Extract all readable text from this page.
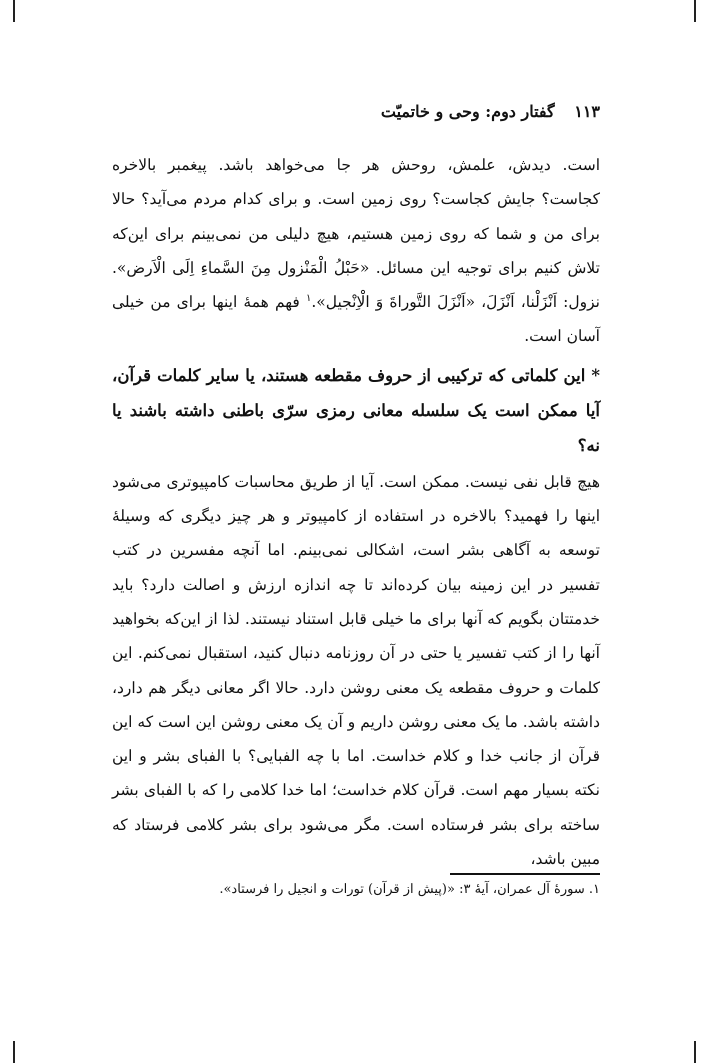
۱۱۳ گفتار دوم: وحی و خاتمیّت

است. دیدش، علمش، روحش هر جا می‌خواهد باشد. پیغمبر بالاخره کجاست؟ جایش کجاست؟ روی زمین است. و برای کدام مردم می‌آید؟ حالا برای من و شما که روی زمین هستیم، هیچ دلیلی من نمی‌بینم برای این‌که تلاش کنیم برای توجیه این مسائل. «حَبْلُ الْمَنْزول مِنَ السَّماءِ اِلَی الْاَرض». نزول: اَنْزَلْنا، اَنْزَلَ، «اَنْزَلَ التَّوراةَ وَ الْاِنْجیل».$^۱$ فهم همهٔ اینها برای من خیلی آسان است.

* این کلماتی که ترکیبی از حروف مقطعه هستند، یا سایر کلمات قرآن، آیا ممکن است یک سلسله معانی رمزی سرّی باطنی داشته باشند یا نه؟

هیچ قابل نفی نیست. ممکن است. آیا از طریق محاسبات کامپیوتری می‌شود اینها را فهمید؟ بالاخره در استفاده از کامپیوتر و هر چیز دیگری که وسیلهٔ توسعه به آگاهی بشر است، اشکالی نمی‌بینم. اما آنچه مفسرین در کتب تفسیر در این زمینه بیان کرده‌اند تا چه اندازه ارزش و اصالت دارد؟ باید خدمتتان بگویم که آنها برای ما خیلی قابل استناد نیستند. لذا از این‌که بخواهید آنها را از کتب تفسیر یا حتی در آن روزنامه دنبال کنید، استقبال نمی‌کنم. این کلمات و حروف مقطعه یک معنی روشن دارد. حالا اگر معانی دیگر هم دارد، داشته باشد. ما یک معنی روشن داریم و آن یک معنی روشن این است که این قرآن از جانب خدا و کلام خداست. اما با چه الفبایی؟ با الفبای بشر و این نکته بسیار مهم است. قرآن کلام خداست؛ اما خدا کلامی را که با الفبای بشر ساخته برای بشر فرستاده است. مگر می‌شود برای بشر کلامی فرستاد که مبین باشد،

۱. سورهٔ آل عمران، آیهٔ ۳: «(پیش از قرآن) تورات و انجیل را فرستاد».
